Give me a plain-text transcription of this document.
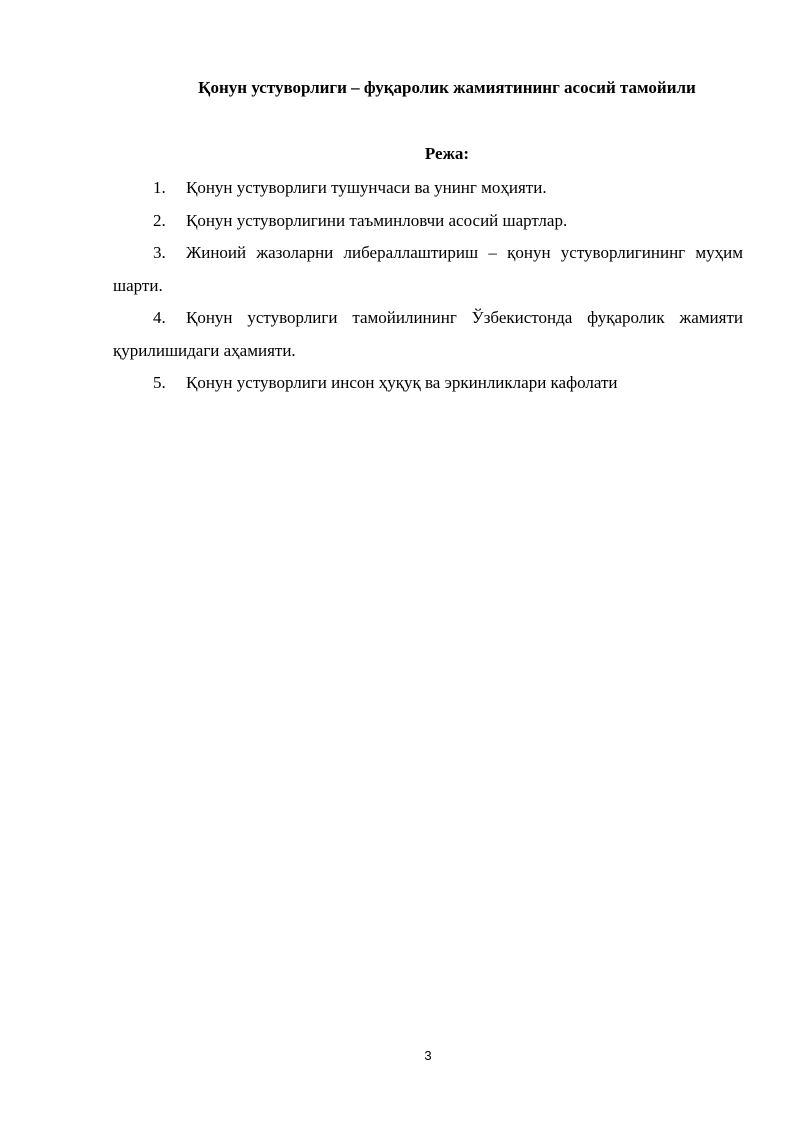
Қонун устуворлиги – фуқаролик жамиятининг асосий тамойили
Режа:
1. Қонун устуворлиги тушунчаси ва унинг моҳияти.
2. Қонун устуворлигини таъминловчи асосий шартлар.
3. Жиноий жазоларни либераллаштириш – қонун устуворлигининг муҳим шарти.
4. Қонун устуворлиги тамойилининг Ўзбекистонда фуқаролик жамияти қурилишидаги аҳамияти.
5. Қонун устуворлиги инсон ҳуқуқ ва эркинликлари кафолати
3
